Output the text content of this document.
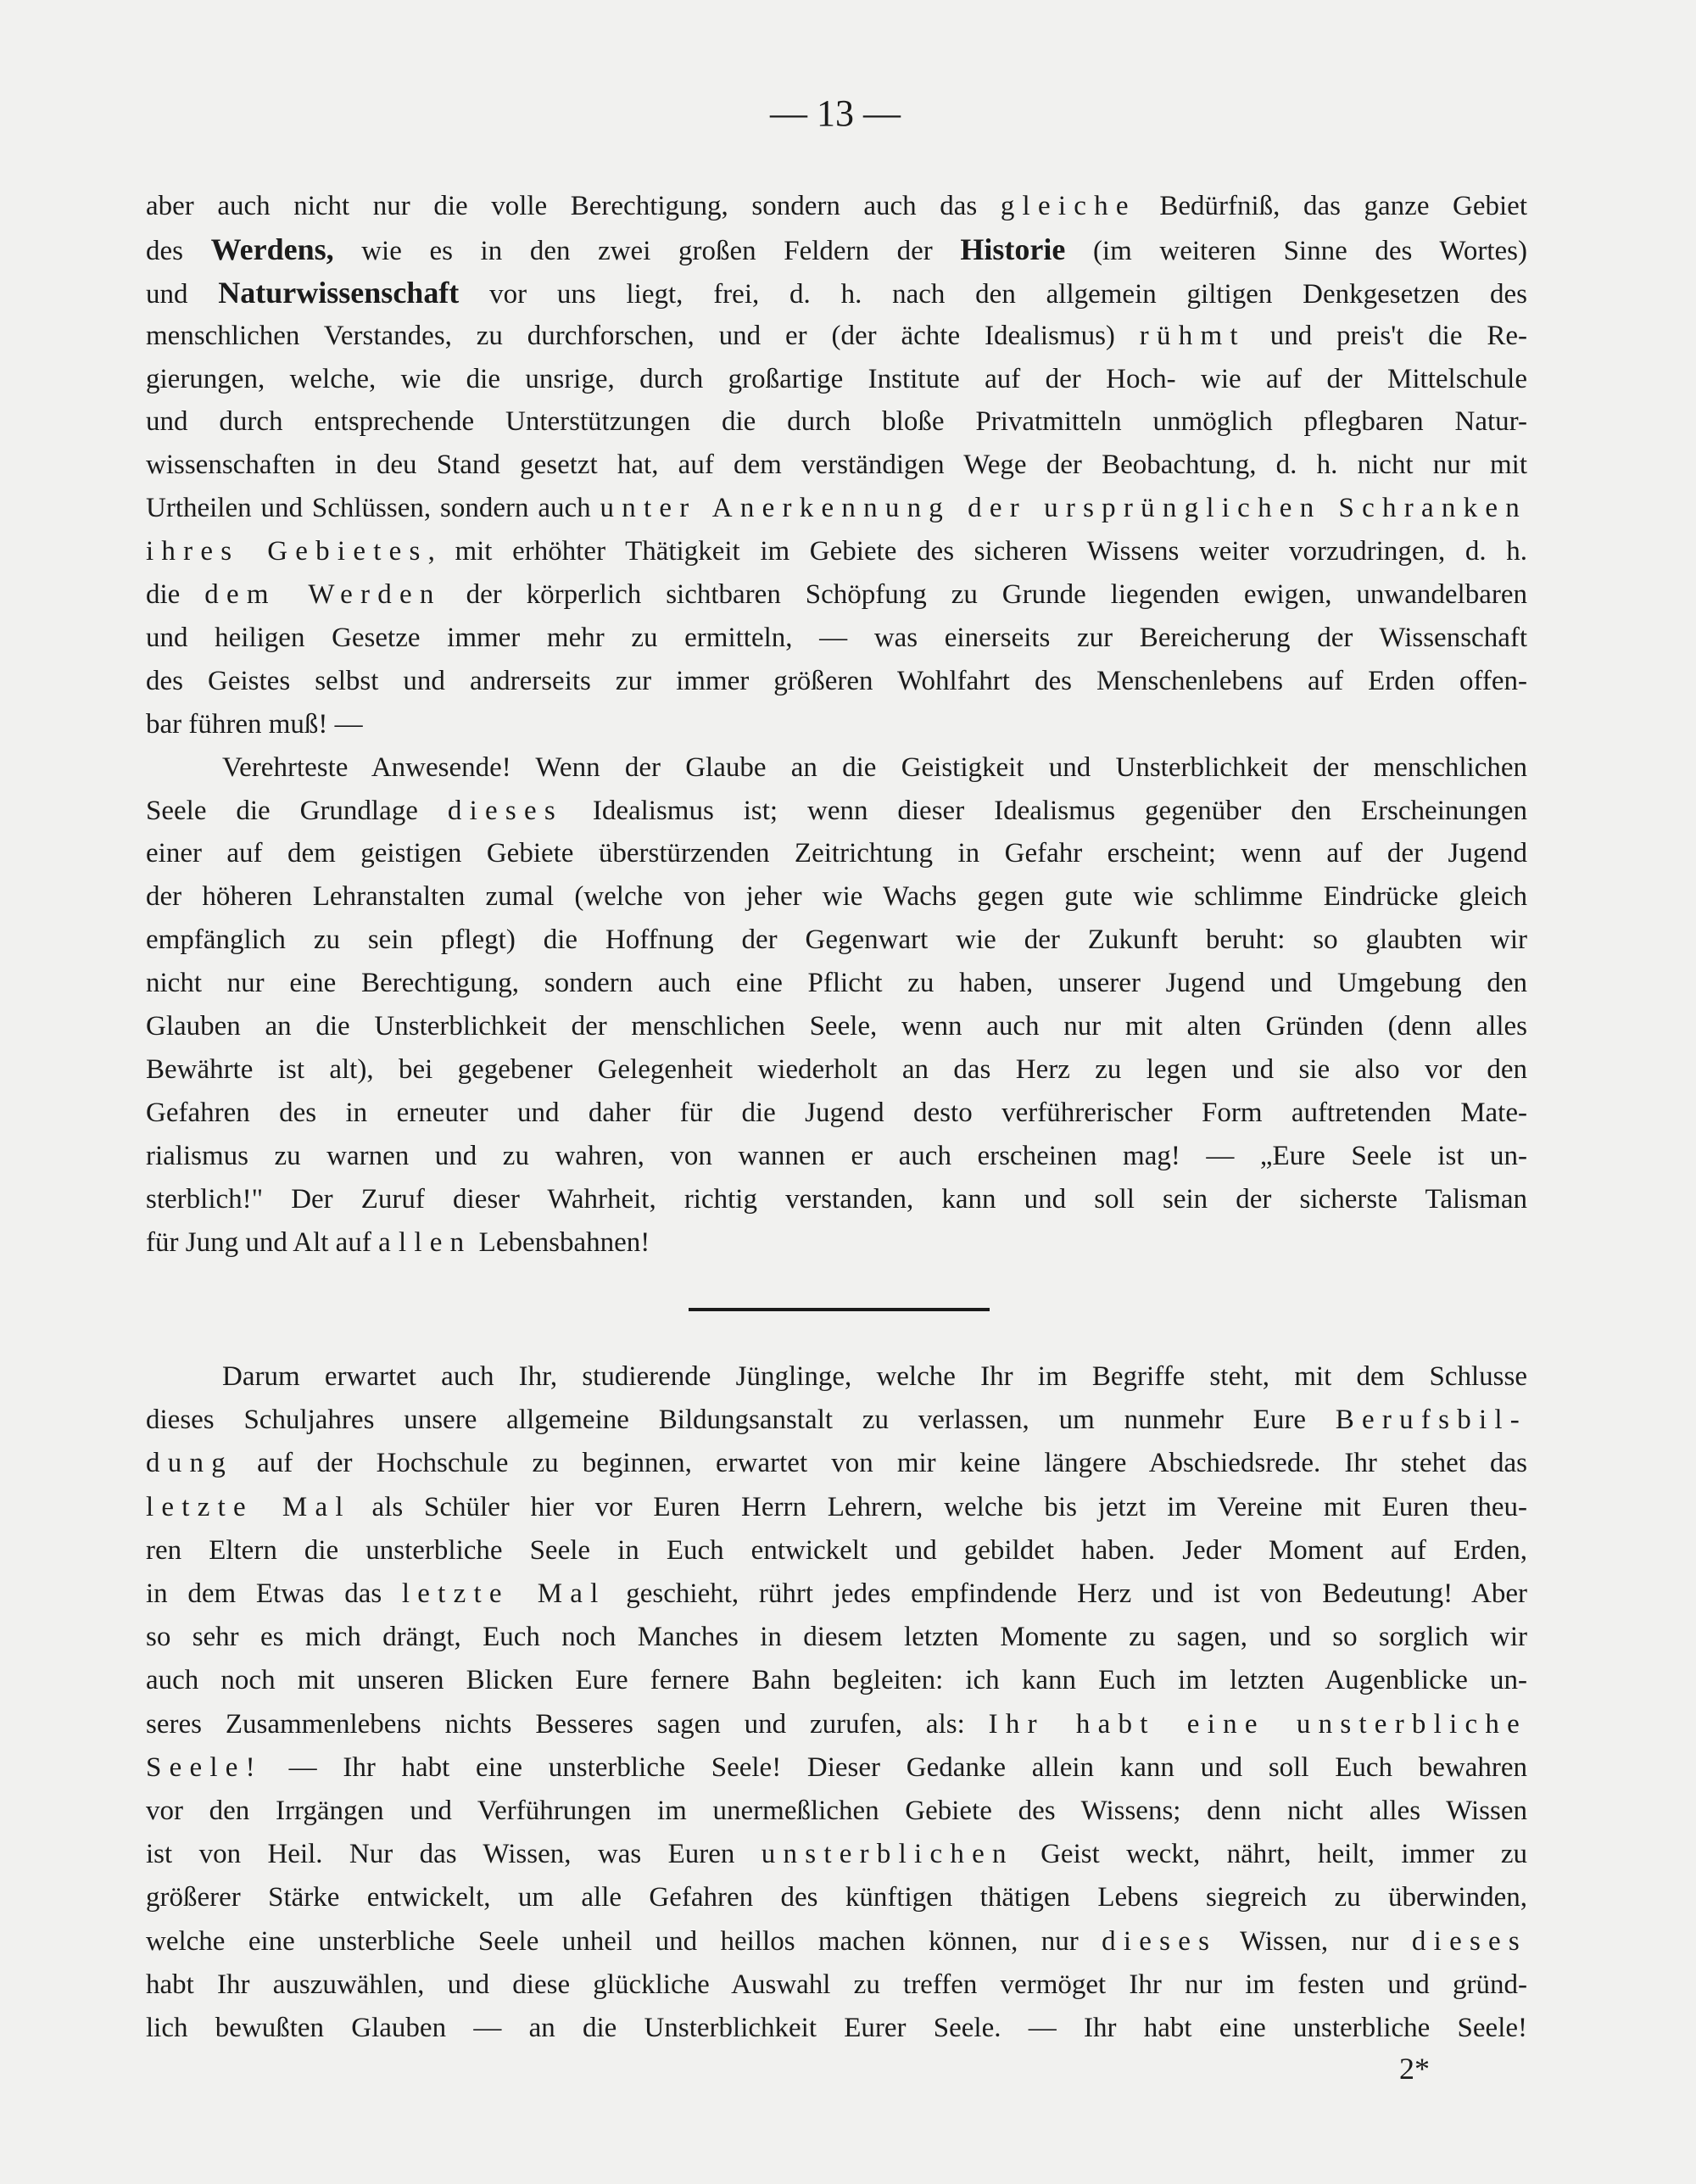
— 13 —
aber auch nicht nur die volle Berechtigung, sondern auch das gleiche Bedürfniß, das ganze Gebiet
des Werdens, wie es in den zwei großen Feldern der Historie (im weiteren Sinne des Wortes)
und Naturwissenschaft vor uns liegt, frei, d. h. nach den allgemein giltigen Denkgesetzen des
menschlichen Verstandes, zu durchforschen, und er (der ächte Idealismus) rühmt und preis't die Re-
gierungen, welche, wie die unsrige, durch großartige Institute auf der Hoch- wie auf der Mittelschule
und durch entsprechende Unterstützungen die durch bloße Privatmitteln unmöglich pflegbaren Natur-
wissenschaften in deu Stand gesetzt hat, auf dem verständigen Wege der Beobachtung, d. h. nicht nur mit
Urtheilen und Schlüssen, sondern auch unter Anerkennung der ursprünglichen Schranken
ihres Gebietes, mit erhöhter Thätigkeit im Gebiete des sicheren Wissens weiter vorzudringen, d. h.
die dem Werden der körperlich sichtbaren Schöpfung zu Grunde liegenden ewigen, unwandelbaren
und heiligen Gesetze immer mehr zu ermitteln, — was einerseits zur Bereicherung der Wissenschaft
des Geistes selbst und andrerseits zur immer größeren Wohlfahrt des Menschenlebens auf Erden offen-
bar führen muß! —
Verehrteste Anwesende! Wenn der Glaube an die Geistigkeit und Unsterblichkeit der menschlichen
Seele die Grundlage dieses Idealismus ist; wenn dieser Idealismus gegenüber den Erscheinungen
einer auf dem geistigen Gebiete überstürzenden Zeitrichtung in Gefahr erscheint; wenn auf der Jugend
der höheren Lehranstalten zumal (welche von jeher wie Wachs gegen gute wie schlimme Eindrücke gleich
empfänglich zu sein pflegt) die Hoffnung der Gegenwart wie der Zukunft beruht: so glaubten wir
nicht nur eine Berechtigung, sondern auch eine Pflicht zu haben, unserer Jugend und Umgebung den
Glauben an die Unsterblichkeit der menschlichen Seele, wenn auch nur mit alten Gründen (denn alles
Bewährte ist alt), bei gegebener Gelegenheit wiederholt an das Herz zu legen und sie also vor den
Gefahren des in erneuter und daher für die Jugend desto verführerischer Form auftretenden Mate-
rialismus zu warnen und zu wahren, von wannen er auch erscheinen mag! — „Eure Seele ist un-
sterblich!" Der Zuruf dieser Wahrheit, richtig verstanden, kann und soll sein der sicherste Talisman
für Jung und Alt auf allen Lebensbahnen!
Darum erwartet auch Ihr, studierende Jünglinge, welche Ihr im Begriffe steht, mit dem Schlusse
dieses Schuljahres unsere allgemeine Bildungsanstalt zu verlassen, um nunmehr Eure Berufsbil-
dung auf der Hochschule zu beginnen, erwartet von mir keine längere Abschiedsrede. Ihr stehet das
letzte Mal als Schüler hier vor Euren Herrn Lehrern, welche bis jetzt im Vereine mit Euren theu-
ren Eltern die unsterbliche Seele in Euch entwickelt und gebildet haben. Jeder Moment auf Erden,
in dem Etwas das letzte Mal geschieht, rührt jedes empfindende Herz und ist von Bedeutung! Aber
so sehr es mich drängt, Euch noch Manches in diesem letzten Momente zu sagen, und so sorglich wir
auch noch mit unseren Blicken Eure fernere Bahn begleiten: ich kann Euch im letzten Augenblicke un-
seres Zusammenlebens nichts Besseres sagen und zurufen, als: Ihr habt eine unsterbliche
Seele! — Ihr habt eine unsterbliche Seele! Dieser Gedanke allein kann und soll Euch bewahren
vor den Irrgängen und Verführungen im unermeßlichen Gebiete des Wissens; denn nicht alles Wissen
ist von Heil. Nur das Wissen, was Euren unsterblichen Geist weckt, nährt, heilt, immer zu
größerer Stärke entwickelt, um alle Gefahren des künftigen thätigen Lebens siegreich zu überwinden,
welche eine unsterbliche Seele unheil und heillos machen können, nur dieses Wissen, nur dieses
habt Ihr auszuwählen, und diese glückliche Auswahl zu treffen vermöget Ihr nur im festen und gründ-
lich bewußten Glauben — an die Unsterblichkeit Eurer Seele. — Ihr habt eine unsterbliche Seele!
2*
